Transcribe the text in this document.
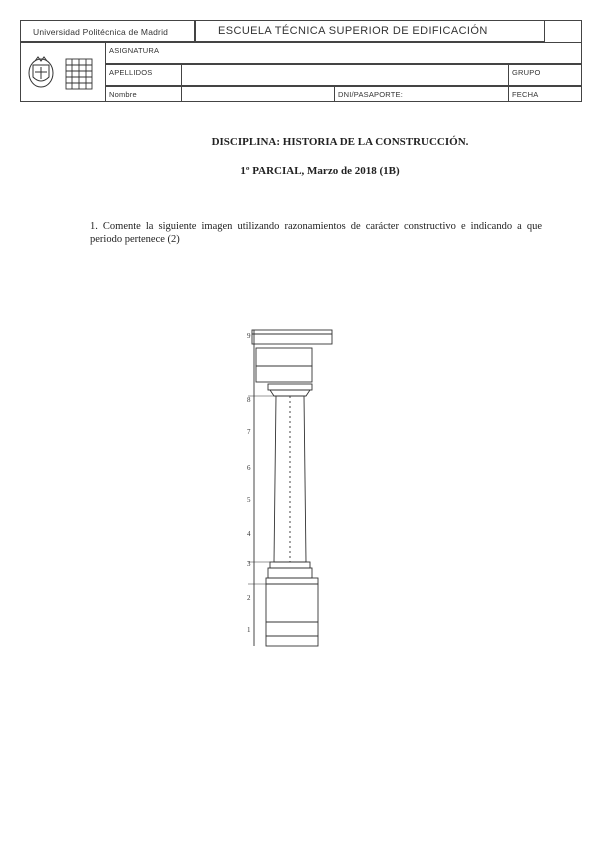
Universidad Politécnica de Madrid	ESCUELA TÉCNICA SUPERIOR DE EDIFICACIÓN
ASIGNATURA
APELLIDOS	GRUPO
Nombre	DNI/PASAPORTE:	FECHA
DISCIPLINA: HISTORIA DE LA CONSTRUCCIÓN.
1º PARCIAL, Marzo de 2018 (1B)
1. Comente la siguiente imagen utilizando razonamientos de carácter constructivo e indicando a que periodo pertenece (2)
9
8
7
6
5
4
3
2
1
